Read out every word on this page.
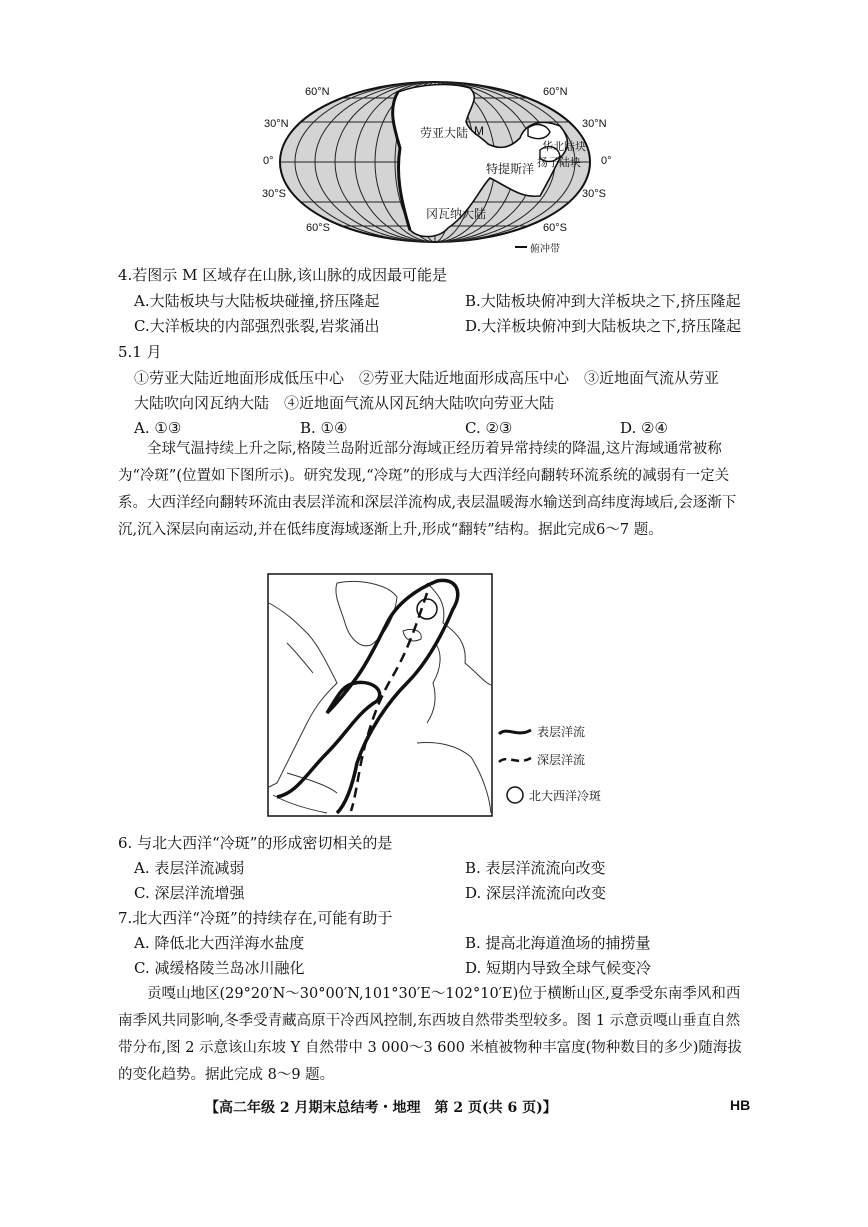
60°N
30°N
0°
30°S
60°S
60°N
30°N
0°
30°S
60°S
劳亚大陆 M
特提斯洋
华北陆块
扬子陆块
冈瓦纳大陆
俯冲带
4.若图示 M 区域存在山脉,该山脉的成因最可能是
A.大陆板块与大陆板块碰撞,挤压隆起	B.大陆板块俯冲到大洋板块之下,挤压隆起
C.大洋板块的内部强烈张裂,岩浆涌出	D.大洋板块俯冲到大陆板块之下,挤压隆起
5.1 月
①劳亚大陆近地面形成低压中心　②劳亚大陆近地面形成高压中心　③近地面气流从劳亚
大陆吹向冈瓦纳大陆　④近地面气流从冈瓦纳大陆吹向劳亚大陆
A. ①③	B. ①④	C. ②③	D. ②④
全球气温持续上升之际,格陵兰岛附近部分海域正经历着异常持续的降温,这片海域通常被称为“冷斑”(位置如下图所示)。研究发现,“冷斑”的形成与大西洋经向翻转环流系统的减弱有一定关系。大西洋经向翻转环流由表层洋流和深层洋流构成,表层温暖海水输送到高纬度海域后,会逐渐下沉,沉入深层向南运动,并在低纬度海域逐渐上升,形成“翻转”结构。据此完成6～7 题。
表层洋流
深层洋流
北大西洋冷斑
6. 与北大西洋“冷斑”的形成密切相关的是
A. 表层洋流减弱	B. 表层洋流流向改变
C. 深层洋流增强	D. 深层洋流流向改变
7.北大西洋“冷斑”的持续存在,可能有助于
A. 降低北大西洋海水盐度	B. 提高北海道渔场的捕捞量
C. 减缓格陵兰岛冰川融化	D. 短期内导致全球气候变冷
贡嘎山地区(29°20′N～30°00′N,101°30′E～102°10′E)位于横断山区,夏季受东南季风和西南季风共同影响,冬季受青藏高原干冷西风控制,东西坡自然带类型较多。图 1 示意贡嘎山垂直自然带分布,图 2 示意该山东坡 Y 自然带中 3 000～3 600 米植被物种丰富度(物种数目的多少)随海拔的变化趋势。据此完成 8～9 题。
【高二年级 2 月期末总结考・地理　第 2 页(共 6 页)】	HB
